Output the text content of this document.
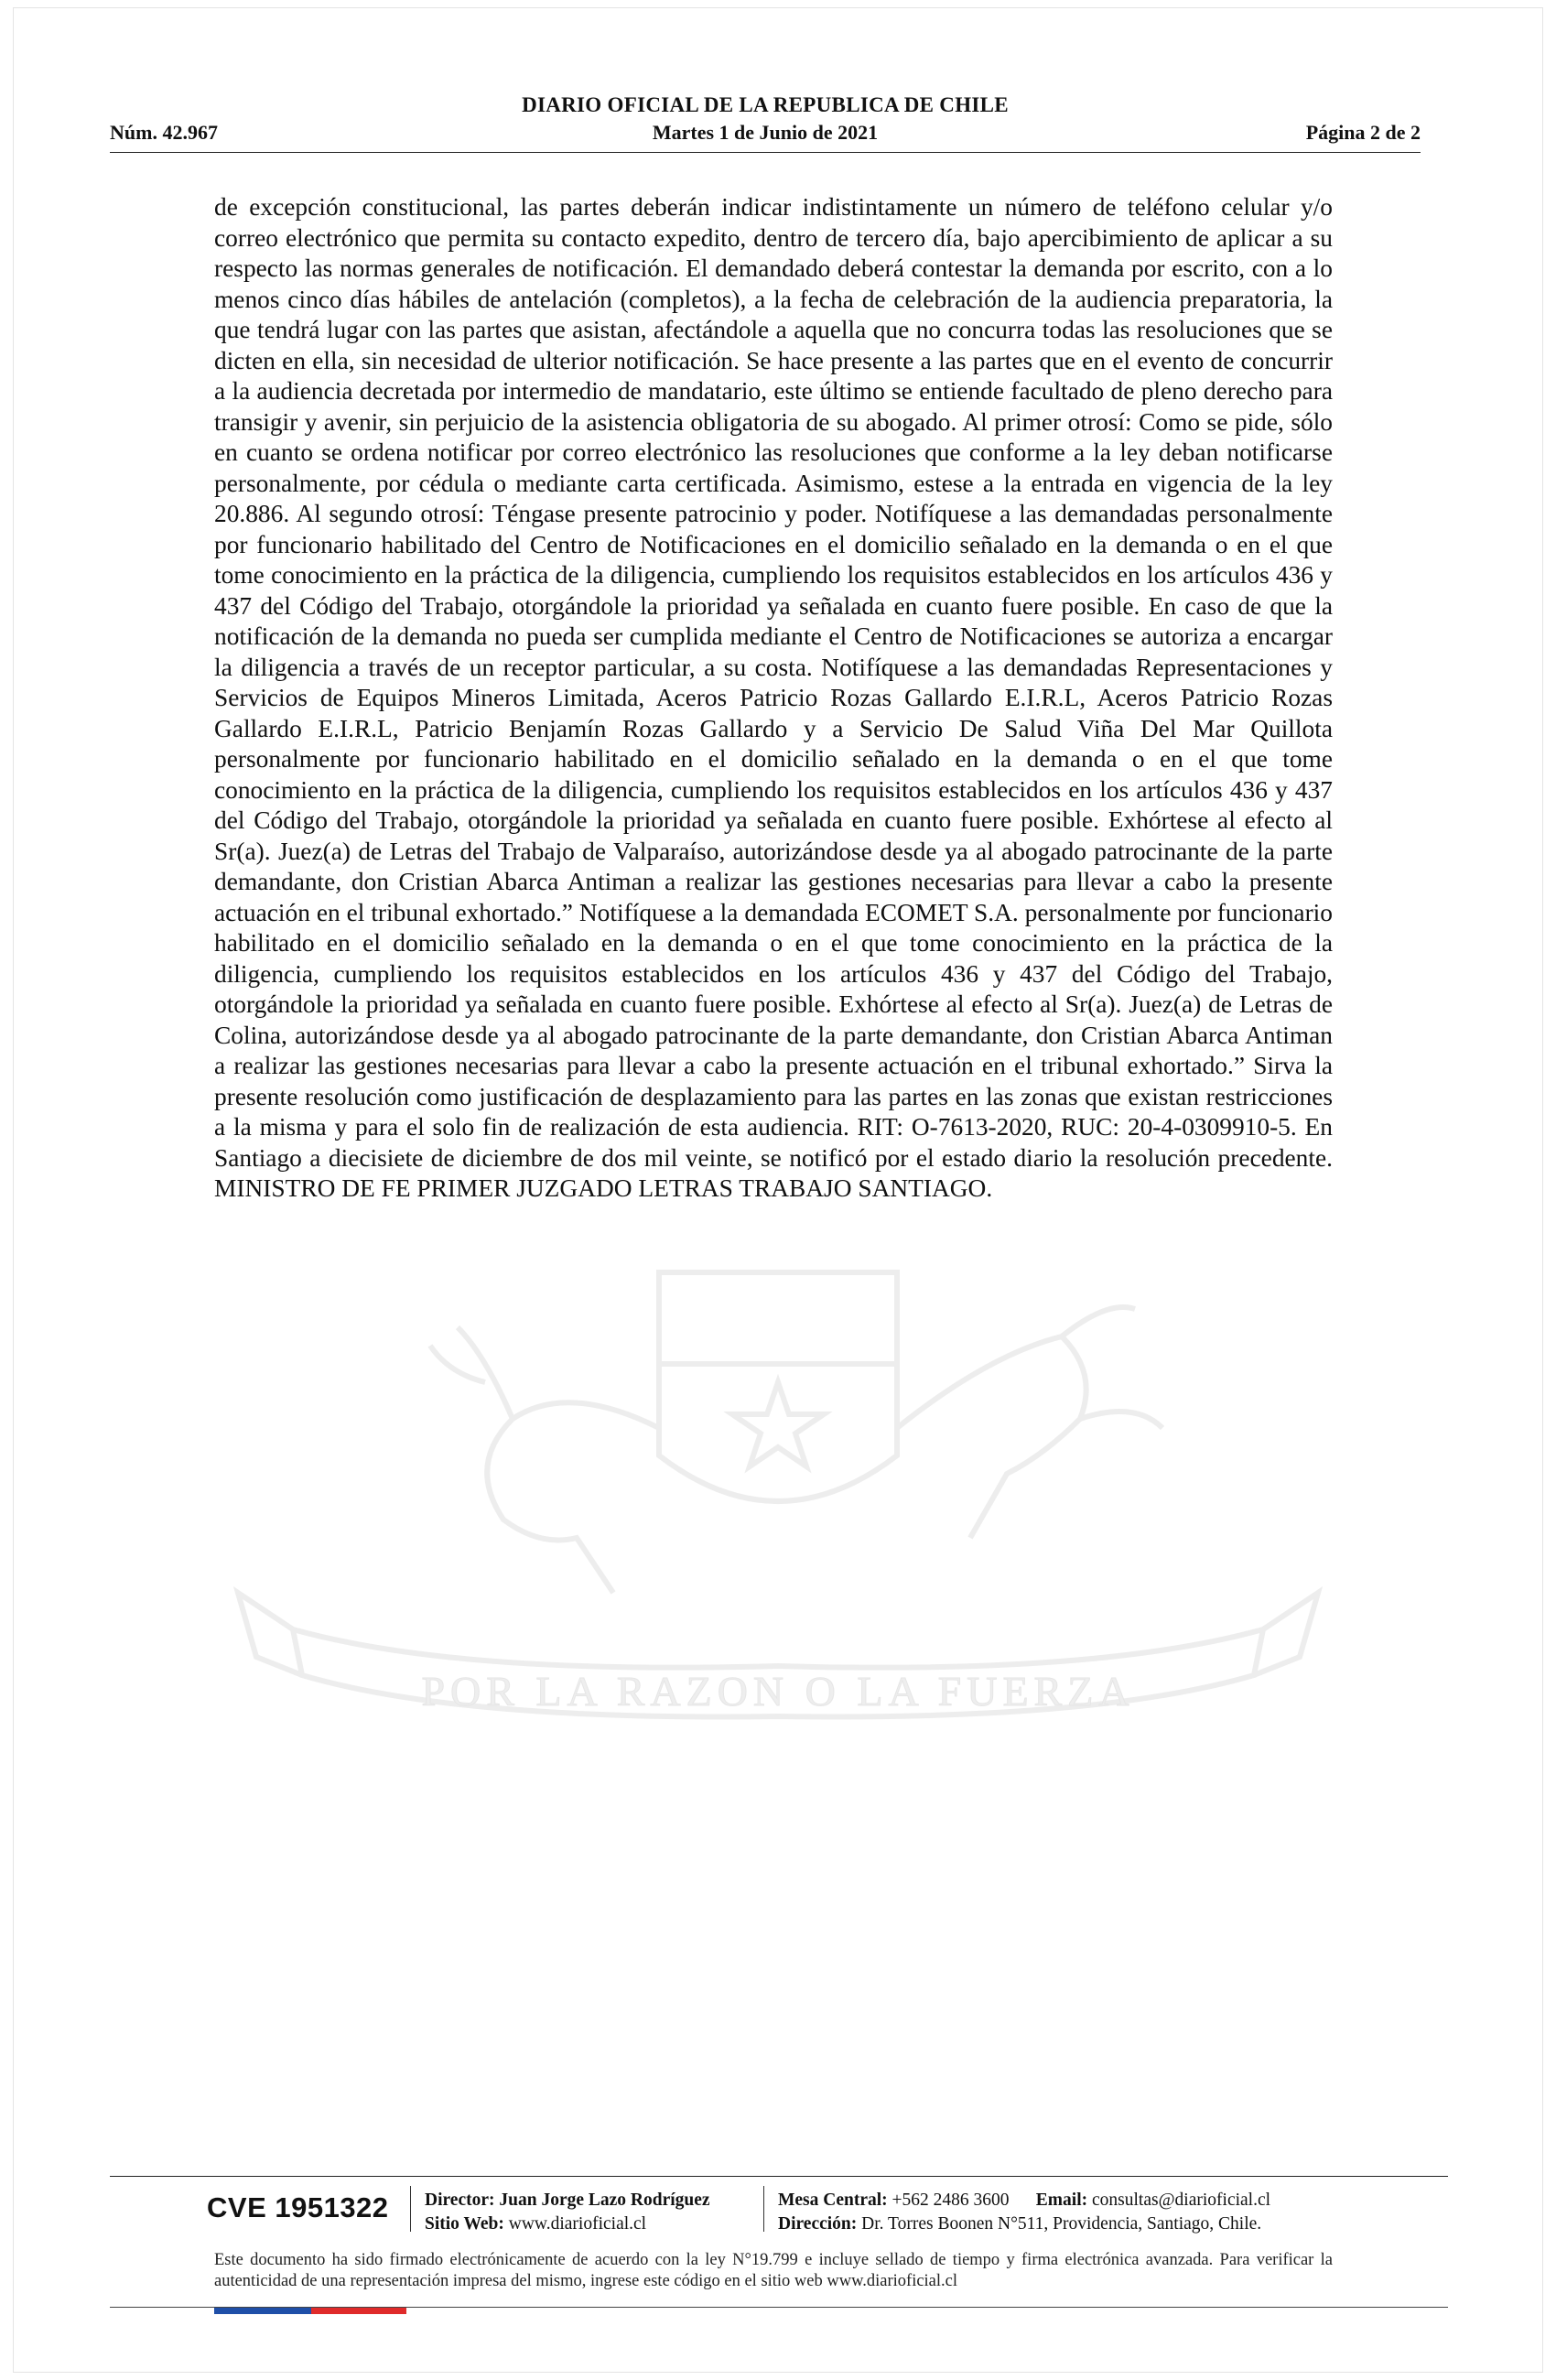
DIARIO OFICIAL DE LA REPUBLICA DE CHILE
Núm. 42.967	Martes 1 de Junio de 2021	Página 2 de 2
POR LA RAZON O LA FUERZA
de excepción constitucional, las partes deberán indicar indistintamente un número de teléfono celular y/o correo electrónico que permita su contacto expedito, dentro de tercero día, bajo apercibimiento de aplicar a su respecto las normas generales de notificación. El demandado deberá contestar la demanda por escrito, con a lo menos cinco días hábiles de antelación (completos), a la fecha de celebración de la audiencia preparatoria, la que tendrá lugar con las partes que asistan, afectándole a aquella que no concurra todas las resoluciones que se dicten en ella, sin necesidad de ulterior notificación. Se hace presente a las partes que en el evento de concurrir a la audiencia decretada por intermedio de mandatario, este último se entiende facultado de pleno derecho para transigir y avenir, sin perjuicio de la asistencia obligatoria de su abogado. Al primer otrosí: Como se pide, sólo en cuanto se ordena notificar por correo electrónico las resoluciones que conforme a la ley deban notificarse personalmente, por cédula o mediante carta certificada. Asimismo, estese a la entrada en vigencia de la ley 20.886. Al segundo otrosí: Téngase presente patrocinio y poder. Notifíquese a las demandadas personalmente por funcionario habilitado del Centro de Notificaciones en el domicilio señalado en la demanda o en el que tome conocimiento en la práctica de la diligencia, cumpliendo los requisitos establecidos en los artículos 436 y 437 del Código del Trabajo, otorgándole la prioridad ya señalada en cuanto fuere posible. En caso de que la notificación de la demanda no pueda ser cumplida mediante el Centro de Notificaciones se autoriza a encargar la diligencia a través de un receptor particular, a su costa. Notifíquese a las demandadas Representaciones y Servicios de Equipos Mineros Limitada, Aceros Patricio Rozas Gallardo E.I.R.L, Aceros Patricio Rozas Gallardo E.I.R.L, Patricio Benjamín Rozas Gallardo y a Servicio De Salud Viña Del Mar Quillota personalmente por funcionario habilitado en el domicilio señalado en la demanda o en el que tome conocimiento en la práctica de la diligencia, cumpliendo los requisitos establecidos en los artículos 436 y 437 del Código del Trabajo, otorgándole la prioridad ya señalada en cuanto fuere posible. Exhórtese al efecto al Sr(a). Juez(a) de Letras del Trabajo de Valparaíso, autorizándose desde ya al abogado patrocinante de la parte demandante, don Cristian Abarca Antiman a realizar las gestiones necesarias para llevar a cabo la presente actuación en el tribunal exhortado.” Notifíquese a la demandada ECOMET S.A. personalmente por funcionario habilitado en el domicilio señalado en la demanda o en el que tome conocimiento en la práctica de la diligencia, cumpliendo los requisitos establecidos en los artículos 436 y 437 del Código del Trabajo, otorgándole la prioridad ya señalada en cuanto fuere posible. Exhórtese al efecto al Sr(a). Juez(a) de Letras de Colina, autorizándose desde ya al abogado patrocinante de la parte demandante, don Cristian Abarca Antiman a realizar las gestiones necesarias para llevar a cabo la presente actuación en el tribunal exhortado.” Sirva la presente resolución como justificación de desplazamiento para las partes en las zonas que existan restricciones a la misma y para el solo fin de realización de esta audiencia. RIT: O-7613-2020, RUC: 20-4-0309910-5. En Santiago a diecisiete de diciembre de dos mil veinte, se notificó por el estado diario la resolución precedente. MINISTRO DE FE PRIMER JUZGADO LETRAS TRABAJO SANTIAGO.
CVE 1951322 Director: Juan Jorge Lazo Rodríguez
Sitio Web: www.diarioficial.cl
Mesa Central: +562 2486 3600 Email: consultas@diarioficial.cl
Dirección: Dr. Torres Boonen N°511, Providencia, Santiago, Chile.
Este documento ha sido firmado electrónicamente de acuerdo con la ley N°19.799 e incluye sellado de tiempo y firma electrónica avanzada. Para verificar la autenticidad de una representación impresa del mismo, ingrese este código en el sitio web www.diarioficial.cl
